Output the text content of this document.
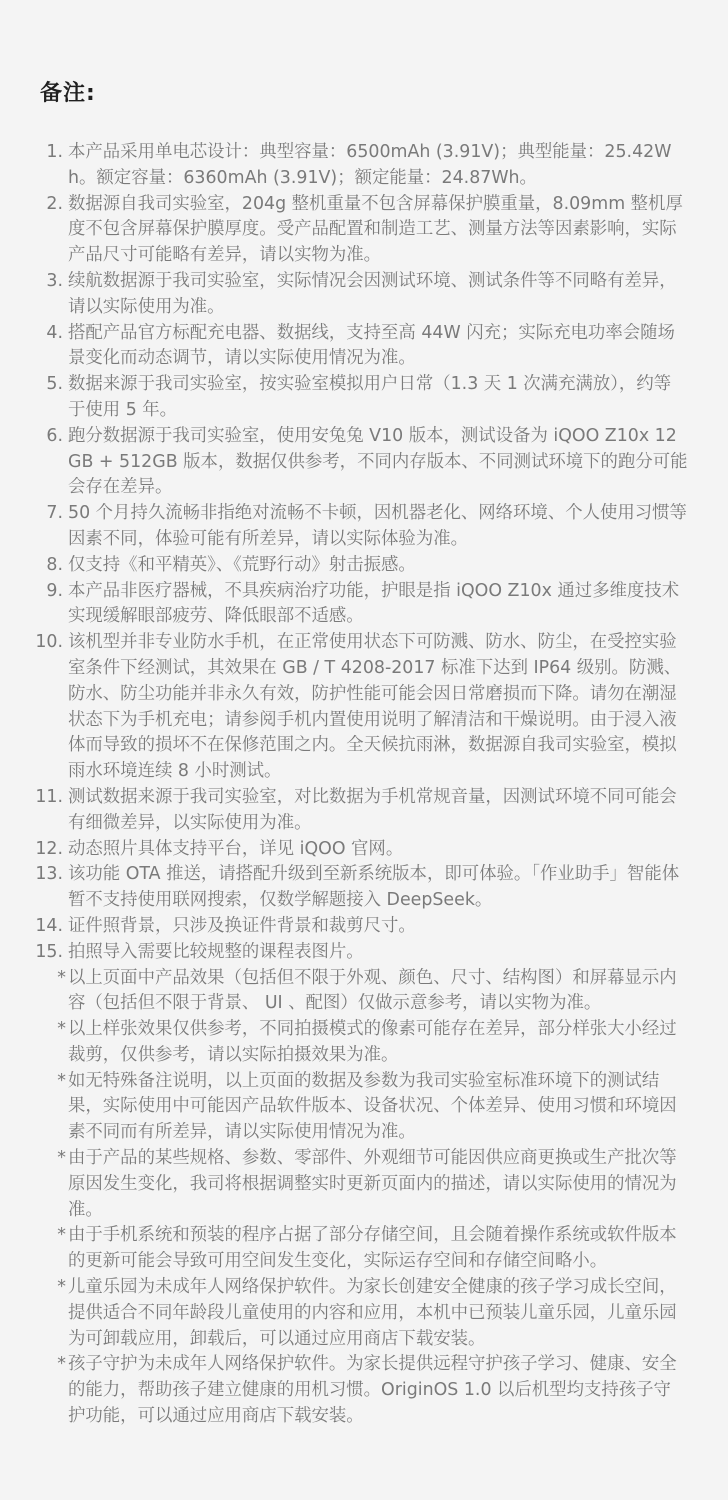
备注:
1. 本产品采用单电芯设计：典型容量：6500mAh (3.91V)；典型能量：25.42Wh。额定容量：6360mAh (3.91V)；额定能量：24.87Wh。
2. 数据源自我司实验室，204g 整机重量不包含屏幕保护膜重量，8.09mm 整机厚度不包含屏幕保护膜厚度。受产品配置和制造工艺、测量方法等因素影响，实际产品尺寸可能略有差异，请以实物为准。
3. 续航数据源于我司实验室，实际情况会因测试环境、测试条件等不同略有差异，请以实际使用为准。
4. 搭配产品官方标配充电器、数据线，支持至高 44W 闪充；实际充电功率会随场景变化而动态调节，请以实际使用情况为准。
5. 数据来源于我司实验室，按实验室模拟用户日常（1.3 天 1 次满充满放），约等于使用 5 年。
6. 跑分数据源于我司实验室，使用安兔兔 V10 版本，测试设备为 iQOO Z10x 12GB + 512GB 版本，数据仅供参考，不同内存版本、不同测试环境下的跑分可能会存在差异。
7. 50 个月持久流畅非指绝对流畅不卡顿，因机器老化、网络环境、个人使用习惯等因素不同，体验可能有所差异，请以实际体验为准。
8. 仅支持《和平精英》、《荒野行动》射击振感。
9. 本产品非医疗器械，不具疾病治疗功能，护眼是指 iQOO Z10x 通过多维度技术实现缓解眼部疲劳、降低眼部不适感。
10. 该机型并非专业防水手机，在正常使用状态下可防溅、防水、防尘，在受控实验室条件下经测试，其效果在 GB / T 4208-2017 标准下达到 IP64 级别。防溅、防水、防尘功能并非永久有效，防护性能可能会因日常磨损而下降。请勿在潮湿状态下为手机充电；请参阅手机内置使用说明了解清洁和干燥说明。由于浸入液体而导致的损坏不在保修范围之内。全天候抗雨淋，数据源自我司实验室，模拟雨水环境连续 8 小时测试。
11. 测试数据来源于我司实验室，对比数据为手机常规音量，因测试环境不同可能会有细微差异，以实际使用为准。
12. 动态照片具体支持平台，详见 iQOO 官网。
13. 该功能 OTA 推送，请搭配升级到至新系统版本，即可体验。「作业助手」智能体暂不支持使用联网搜索，仅数学解题接入 DeepSeek。
14. 证件照背景，只涉及换证件背景和裁剪尺寸。
15. 拍照导入需要比较规整的课程表图片。
* 以上页面中产品效果（包括但不限于外观、颜色、尺寸、结构图）和屏幕显示内容（包括但不限于背景、 UI 、配图）仅做示意参考，请以实物为准。
* 以上样张效果仅供参考，不同拍摄模式的像素可能存在差异，部分样张大小经过裁剪，仅供参考，请以实际拍摄效果为准。
* 如无特殊备注说明，以上页面的数据及参数为我司实验室标准环境下的测试结果，实际使用中可能因产品软件版本、设备状况、个体差异、使用习惯和环境因素不同而有所差异，请以实际使用情况为准。
* 由于产品的某些规格、参数、零部件、外观细节可能因供应商更换或生产批次等原因发生变化，我司将根据调整实时更新页面内的描述，请以实际使用的情况为准。
* 由于手机系统和预装的程序占据了部分存储空间，且会随着操作系统或软件版本的更新可能会导致可用空间发生变化，实际运存空间和存储空间略小。
* 儿童乐园为未成年人网络保护软件。为家长创建安全健康的孩子学习成长空间，提供适合不同年龄段儿童使用的内容和应用，本机中已预装儿童乐园，儿童乐园为可卸载应用，卸载后，可以通过应用商店下载安装。
* 孩子守护为未成年人网络保护软件。为家长提供远程守护孩子学习、健康、安全的能力，帮助孩子建立健康的用机习惯。OriginOS 1.0 以后机型均支持孩子守护功能，可以通过应用商店下载安装。
